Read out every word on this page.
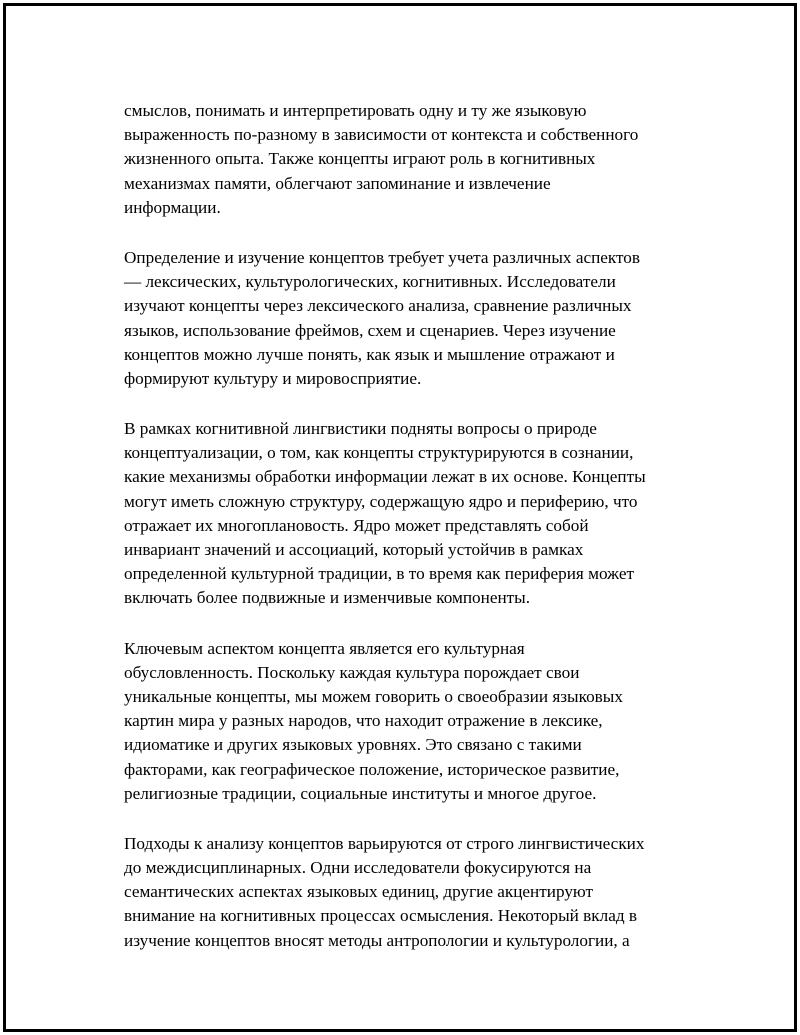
смыслов, понимать и интерпретировать одну и ту же языковую
выраженность по-разному в зависимости от контекста и собственного
жизненного опыта. Также концепты играют роль в когнитивных
механизмах памяти, облегчают запоминание и извлечение
информации.

Определение и изучение концептов требует учета различных аспектов
— лексических, культурологических, когнитивных. Исследователи
изучают концепты через лексического анализа, сравнение различных
языков, использование фреймов, схем и сценариев. Через изучение
концептов можно лучше понять, как язык и мышление отражают и
формируют культуру и мировосприятие.

В рамках когнитивной лингвистики подняты вопросы о природе
концептуализации, о том, как концепты структурируются в сознании,
какие механизмы обработки информации лежат в их основе. Концепты
могут иметь сложную структуру, содержащую ядро и периферию, что
отражает их многоплановость. Ядро может представлять собой
инвариант значений и ассоциаций, который устойчив в рамках
определенной культурной традиции, в то время как периферия может
включать более подвижные и изменчивые компоненты.

Ключевым аспектом концепта является его культурная
обусловленность. Поскольку каждая культура порождает свои
уникальные концепты, мы можем говорить о своеобразии языковых
картин мира у разных народов, что находит отражение в лексике,
идиоматике и других языковых уровнях. Это связано с такими
факторами, как географическое положение, историческое развитие,
религиозные традиции, социальные институты и многое другое.

Подходы к анализу концептов варьируются от строго лингвистических
до междисциплинарных. Одни исследователи фокусируются на
семантических аспектах языковых единиц, другие акцентируют
внимание на когнитивных процессах осмысления. Некоторый вклад в
изучение концептов вносят методы антропологии и культурологии, а
